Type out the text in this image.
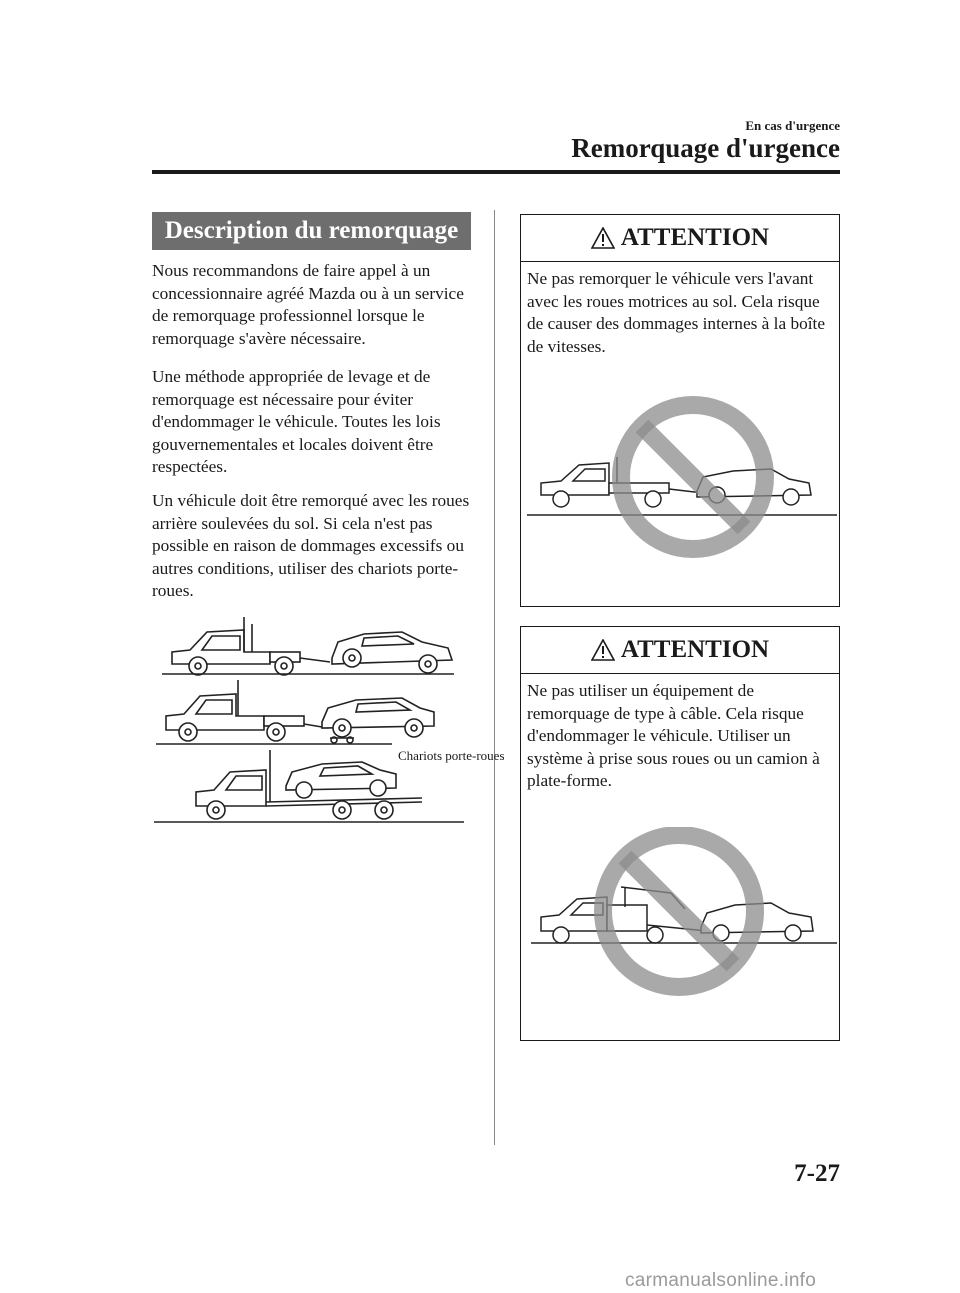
En cas d'urgence
Remorquage d'urgence
Description du remorquage
Nous recommandons de faire appel à un concessionnaire agréé Mazda ou à un service de remorquage professionnel lorsque le remorquage s'avère nécessaire.
Une méthode appropriée de levage et de remorquage est nécessaire pour éviter d'endommager le véhicule. Toutes les lois gouvernementales et locales doivent être respectées.
Un véhicule doit être remorqué avec les roues arrière soulevées du sol. Si cela n'est pas possible en raison de dommages excessifs ou autres conditions, utiliser des chariots porte-roues.
Chariots porte-roues
ATTENTION
Ne pas remorquer le véhicule vers l'avant avec les roues motrices au sol. Cela risque de causer des dommages internes à la boîte de vitesses.
ATTENTION
Ne pas utiliser un équipement de remorquage de type à câble. Cela risque d'endommager le véhicule. Utiliser un système à prise sous roues ou un camion à plate-forme.
7-27
carmanualsonline.info
